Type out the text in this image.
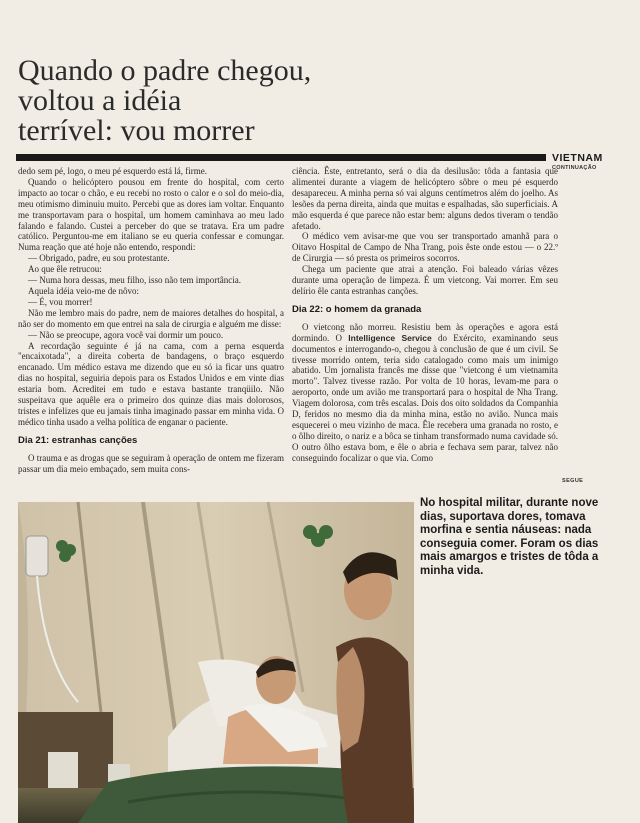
Quando o padre chegou,
voltou a idéia
terrível: vou morrer
VIETNAM
CONTINUAÇÃO

dedo sem pé, logo, o meu pé esquerdo está lá, firme.

Quando o helicóptero pousou em frente do hospital, com certo impacto ao tocar o chão, e eu recebi no rosto o calor e o sol do meio-dia, meu otimismo diminuiu muito. Percebi que as dores iam voltar. Enquanto me transportavam para o hospital, um homem caminhava ao meu lado falando e falando. Custei a perceber do que se tratava. Era um padre católico. Perguntou-me em italiano se eu queria confessar e comungar. Numa reação que até hoje não entendo, respondi:

— Obrigado, padre, eu sou protestante.

Ao que êle retrucou:

— Numa hora dessas, meu filho, isso não tem importância.

Aquela idéia veio-me de nôvo:

— É, vou morrer!

Não me lembro mais do padre, nem de maiores detalhes do hospital, a não ser do momento em que entrei na sala de cirurgia e alguém me disse:

— Não se preocupe, agora você vai dormir um pouco.

A recordação seguinte é já na cama, com a perna esquerda "encaixotada", a direita coberta de bandagens, o braço esquerdo encanado. Um médico estava me dizendo que eu só ia ficar uns quatro dias no hospital, seguiria depois para os Estados Unidos e em vinte dias estaria bom. Acreditei em tudo e estava bastante tranqüilo. Não suspeitava que aquêle era o primeiro dos quinze dias mais dolorosos, tristes e infelizes que eu jamais tinha imaginado passar em minha vida. O médico tinha usado a velha política de enganar o paciente.

Dia 21: estranhas canções

O trauma e as drogas que se seguiram à operação de ontem me fizeram passar um dia meio embaçado, sem muita cons-

ciência. Êste, entretanto, será o dia da desilusão: tôda a fantasia que alimentei durante a viagem de helicóptero sôbre o meu pé esquerdo desapareceu. A minha perna só vai alguns centímetros além do joelho. As lesões da perna direita, ainda que muitas e espalhadas, são superficiais. A mão esquerda é que parece não estar bem: alguns dedos tiveram o tendão afetado.

O médico vem avisar-me que vou ser transportado amanhã para o Oitavo Hospital de Campo de Nha Trang, pois êste onde estou — o 22.º de Cirurgia — só presta os primeiros socorros.

Chega um paciente que atrai a atenção. Foi baleado várias vêzes durante uma operação de limpeza. É um vietcong. Vai morrer. Em seu delírio êle canta estranhas canções.

Dia 22: o homem da granada

O vietcong não morreu. Resistiu bem às operações e agora está dormindo. O Intelligence Service do Exército, examinando seus documentos e interrogando-o, chegou à conclusão de que é um civil. Se tivesse morrido ontem, teria sido catalogado como mais um inimigo abatido. Um jornalista francês me disse que "vietcong é um vietnamita morto". Talvez tivesse razão. Por volta de 10 horas, levam-me para o aeroporto, onde um avião me transportará para o hospital de Nha Trang. Viagem dolorosa, com três escalas. Dois dos oito soldados da Companhia D, feridos no mesmo dia da minha mina, estão no avião. Nunca mais esquecerei o meu vizinho de maca. Êle recebera uma granada no rosto, e o ôlho direito, o nariz e a bôca se tinham transformado numa cavidade só. O outro ôlho estava bom, e êle o abria e fechava sem parar, talvez não conseguindo focalizar o que via. Como

SEGUE
No hospital militar, durante nove dias, suportava dores, tomava morfina e sentia náuseas: nada conseguia comer. Foram os dias mais amargos e tristes de tôda a minha vida.
